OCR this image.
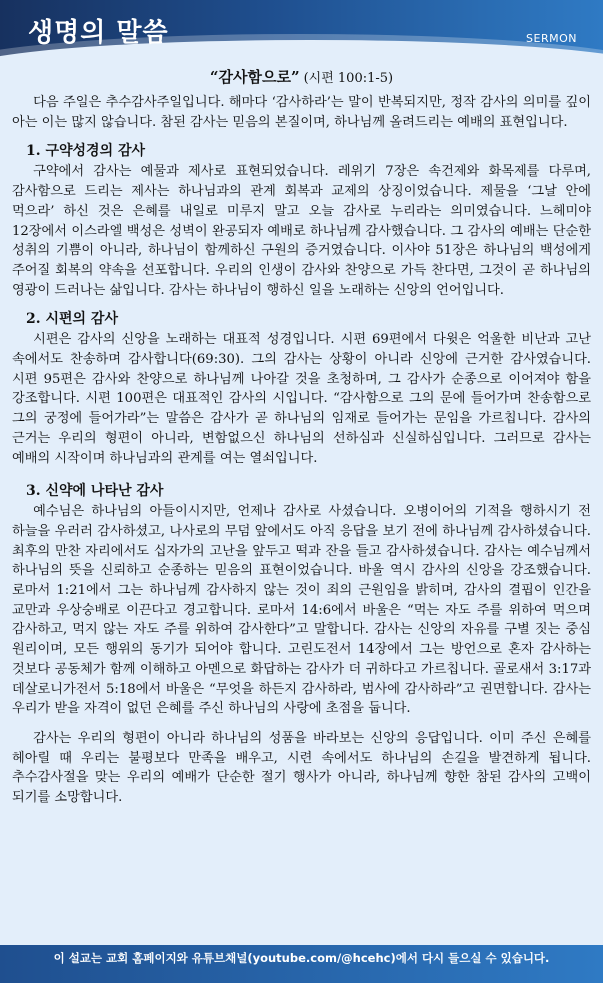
생명의 말씀	SERMON
“감사함으로” (시편 100:1-5)

다음 주일은 추수감사주일입니다. 해마다 ‘감사하라’는 말이 반복되지만, 정작 감사의 의미를 깊이 아는 이는 많지 않습니다. 참된 감사는 믿음의 본질이며, 하나님께 올려드리는 예배의 표현입니다.

1. 구약성경의 감사

구약에서 감사는 예물과 제사로 표현되었습니다. 레위기 7장은 속건제와 화목제를 다루며, 감사함으로 드리는 제사는 하나님과의 관계 회복과 교제의 상징이었습니다. 제물을 ‘그날 안에 먹으라’ 하신 것은 은혜를 내일로 미루지 말고 오늘 감사로 누리라는 의미였습니다. 느헤미야 12장에서 이스라엘 백성은 성벽이 완공되자 예배로 하나님께 감사했습니다. 그 감사의 예배는 단순한 성취의 기쁨이 아니라, 하나님이 함께하신 구원의 증거였습니다. 이사야 51장은 하나님의 백성에게 주어질 회복의 약속을 선포합니다. 우리의 인생이 감사와 찬양으로 가득 찬다면, 그것이 곧 하나님의 영광이 드러나는 삶입니다. 감사는 하나님이 행하신 일을 노래하는 신앙의 언어입니다.

2. 시편의 감사

시편은 감사의 신앙을 노래하는 대표적 성경입니다. 시편 69편에서 다윗은 억울한 비난과 고난 속에서도 찬송하며 감사합니다(69:30). 그의 감사는 상황이 아니라 신앙에 근거한 감사였습니다. 시편 95편은 감사와 찬양으로 하나님께 나아갈 것을 초청하며, 그 감사가 순종으로 이어져야 함을 강조합니다. 시편 100편은 대표적인 감사의 시입니다. “감사함으로 그의 문에 들어가며 찬송함으로 그의 궁정에 들어가라”는 말씀은 감사가 곧 하나님의 임재로 들어가는 문임을 가르칩니다. 감사의 근거는 우리의 형편이 아니라, 변함없으신 하나님의 선하심과 신실하심입니다. 그러므로 감사는 예배의 시작이며 하나님과의 관계를 여는 열쇠입니다.

3. 신약에 나타난 감사

예수님은 하나님의 아들이시지만, 언제나 감사로 사셨습니다. 오병이어의 기적을 행하시기 전 하늘을 우러러 감사하셨고, 나사로의 무덤 앞에서도 아직 응답을 보기 전에 하나님께 감사하셨습니다. 최후의 만찬 자리에서도 십자가의 고난을 앞두고 떡과 잔을 들고 감사하셨습니다. 감사는 예수님께서 하나님의 뜻을 신뢰하고 순종하는 믿음의 표현이었습니다. 바울 역시 감사의 신앙을 강조했습니다. 로마서 1:21에서 그는 하나님께 감사하지 않는 것이 죄의 근원임을 밝히며, 감사의 결핍이 인간을 교만과 우상숭배로 이끈다고 경고합니다. 로마서 14:6에서 바울은 “먹는 자도 주를 위하여 먹으며 감사하고, 먹지 않는 자도 주를 위하여 감사한다”고 말합니다. 감사는 신앙의 자유를 구별 짓는 중심 원리이며, 모든 행위의 동기가 되어야 합니다. 고린도전서 14장에서 그는 방언으로 혼자 감사하는 것보다 공동체가 함께 이해하고 아멘으로 화답하는 감사가 더 귀하다고 가르칩니다. 골로새서 3:17과 데살로니가전서 5:18에서 바울은 “무엇을 하든지 감사하라, 범사에 감사하라”고 권면합니다. 감사는 우리가 받을 자격이 없던 은혜를 주신 하나님의 사랑에 초점을 둡니다.

감사는 우리의 형편이 아니라 하나님의 성품을 바라보는 신앙의 응답입니다. 이미 주신 은혜를 헤아릴 때 우리는 불평보다 만족을 배우고, 시련 속에서도 하나님의 손길을 발견하게 됩니다. 추수감사절을 맞는 우리의 예배가 단순한 절기 행사가 아니라, 하나님께 향한 참된 감사의 고백이 되기를 소망합니다.

이 설교는 교회 홈페이지와 유튜브채널(youtube.com/@hcehc)에서 다시 들으실 수 있습니다.
